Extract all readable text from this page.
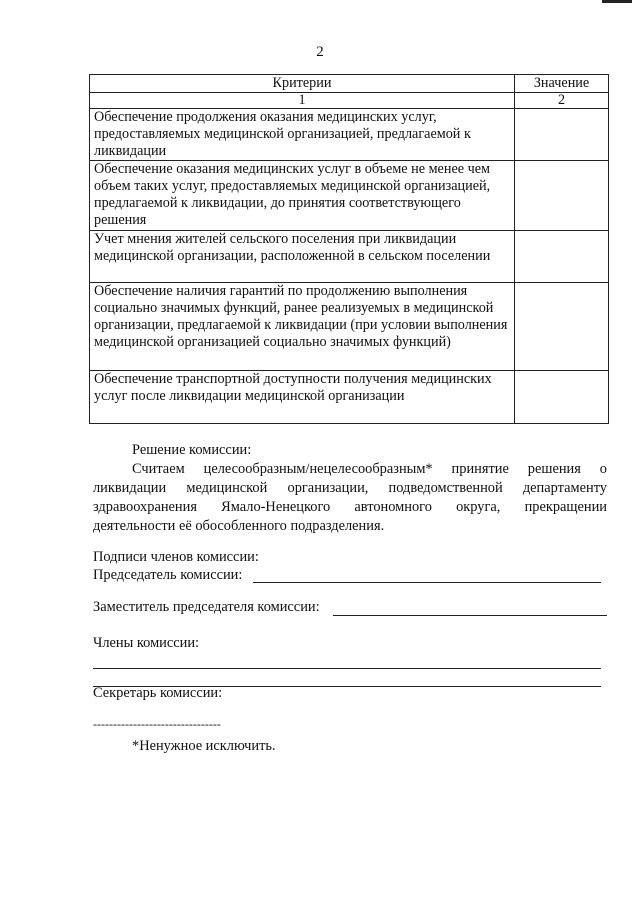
2
Критерии	Значение
1	2
Обеспечение продолжения оказания медицинских услуг, предоставляемых медицинской организацией, предлагаемой к ликвидации	
Обеспечение оказания медицинских услуг в объеме не менее чем объем таких услуг, предоставляемых медицинской организацией, предлагаемой к ликвидации, до принятия соответствующего решения	
Учет мнения жителей сельского поселения при ликвидации медицинской организации, расположенной в сельском поселении	
Обеспечение наличия гарантий по продолжению выполнения социально значимых функций, ранее реализуемых в медицинской организации, предлагаемой к ликвидации (при условии выполнения медицинской организацией социально значимых функций)	
Обеспечение транспортной доступности получения медицинских услуг после ликвидации медицинской организации	
Решение комиссии:
Считаем целесообразным/нецелесообразным* принятие решения о ликвидации медицинской организации, подведомственной департаменту здравоохранения Ямало-Ненецкого автономного округа, прекращении деятельности её обособленного подразделения.
Подписи членов комиссии:
Председатель комиссии:
Заместитель председателя комиссии:
Члены комиссии:
Секретарь комиссии:
--------------------------------
*Ненужное исключить.
